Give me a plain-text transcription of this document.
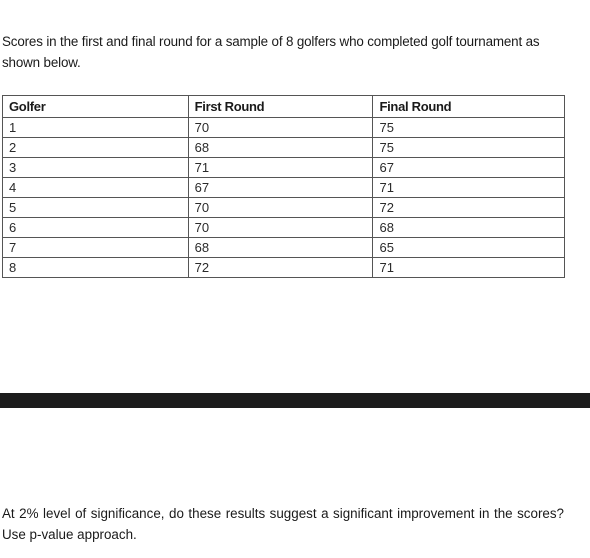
Scores in the first and final round for a sample of 8 golfers who completed golf tournament as shown below.

Golfer	First Round	Final Round
1	70	75
2	68	75
3	71	67
4	67	71
5	70	72
6	70	68
7	68	65
8	72	71

At 2% level of significance, do these results suggest a significant improvement in the scores? Use p-value approach.
